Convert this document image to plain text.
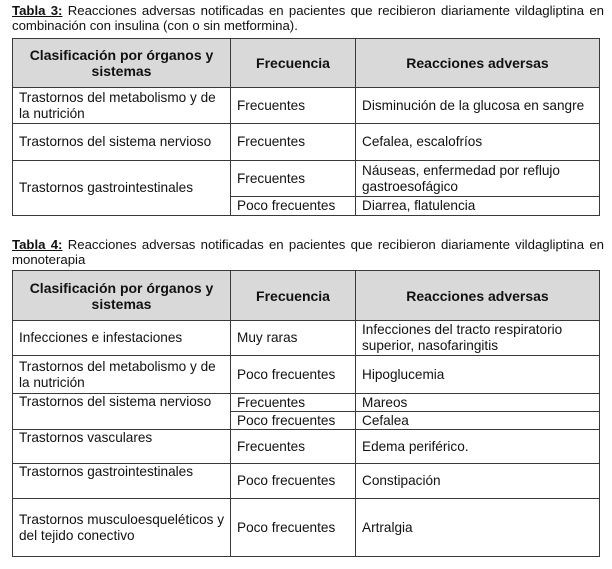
Tabla 3: Reacciones adversas notificadas en pacientes que recibieron diariamente vildagliptina en combinación con insulina (con o sin metformina).
Clasificación por órganos y sistemas	Frecuencia	Reacciones adversas
Trastornos del metabolismo y de la nutrición	Frecuentes	Disminución de la glucosa en sangre
Trastornos del sistema nervioso	Frecuentes	Cefalea, escalofríos
Trastornos gastrointestinales	Frecuentes	Náuseas, enfermedad por reflujo gastroesofágico
	Poco frecuentes	Diarrea, flatulencia
Tabla 4: Reacciones adversas notificadas en pacientes que recibieron diariamente vildagliptina en monoterapia
Clasificación por órganos y sistemas	Frecuencia	Reacciones adversas
Infecciones e infestaciones	Muy raras	Infecciones del tracto respiratorio superior, nasofaringitis
Trastornos del metabolismo y de la nutrición	Poco frecuentes	Hipoglucemia
Trastornos del sistema nervioso	Frecuentes	Mareos
	Poco frecuentes	Cefalea
Trastornos vasculares	Frecuentes	Edema periférico.
Trastornos gastrointestinales	Poco frecuentes	Constipación
Trastornos musculoesqueléticos y del tejido conectivo	Poco frecuentes	Artralgia
